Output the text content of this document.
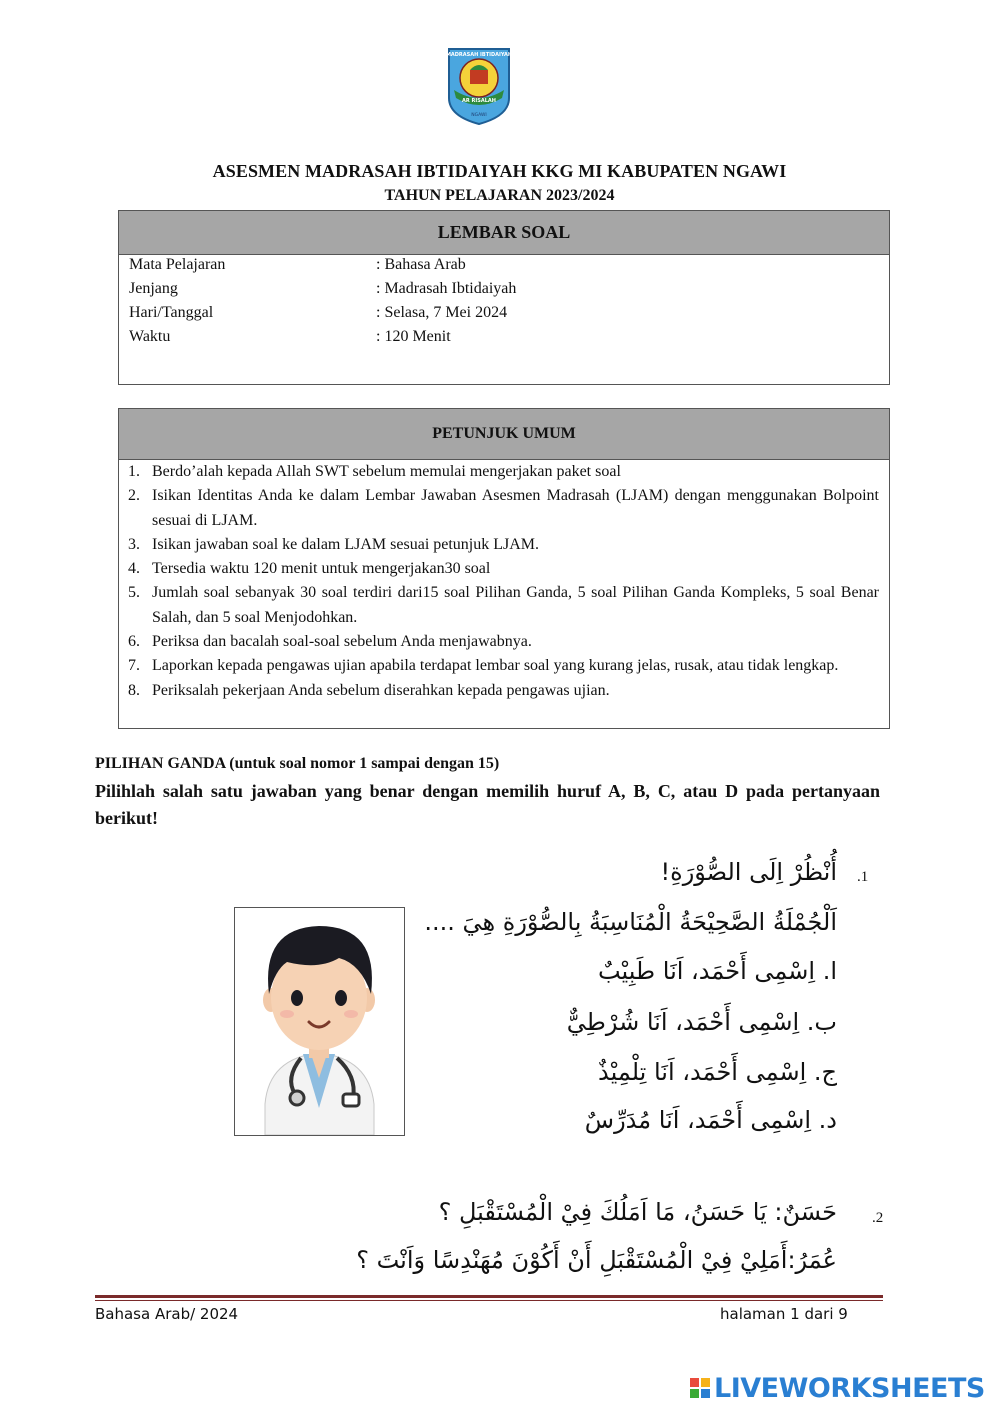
MADRASAH IBTIDAIYAH
AR RISALAH
NGAWI
ASESMEN MADRASAH IBTIDAIYAH KKG MI KABUPATEN NGAWI
TAHUN PELAJARAN 2023/2024
LEMBAR SOAL
Mata Pelajaran	: Bahasa Arab
Jenjang	: Madrasah Ibtidaiyah
Hari/Tanggal	: Selasa, 7 Mei 2024
Waktu	: 120 Menit
PETUNJUK UMUM
1. Berdo’alah kepada Allah SWT sebelum memulai mengerjakan paket soal
2. Isikan Identitas Anda ke dalam Lembar Jawaban Asesmen Madrasah (LJAM) dengan menggunakan Bolpoint sesuai di LJAM.
3. Isikan jawaban soal ke dalam LJAM sesuai petunjuk LJAM.
4. Tersedia waktu 120 menit untuk mengerjakan30 soal
5. Jumlah soal sebanyak 30 soal terdiri dari15 soal Pilihan Ganda, 5 soal Pilihan Ganda Kompleks, 5 soal Benar Salah, dan 5 soal Menjodohkan.
6. Periksa dan bacalah soal-soal sebelum Anda menjawabnya.
7. Laporkan kepada pengawas ujian apabila terdapat lembar soal yang kurang jelas, rusak, atau tidak lengkap.
8. Periksalah pekerjaan Anda sebelum diserahkan kepada pengawas ujian.
PILIHAN GANDA (untuk soal nomor 1 sampai dengan 15)
Pilihlah salah satu jawaban yang benar dengan memilih huruf A, B, C, atau D pada pertanyaan berikut!
.1
أُنْظُرْ اِلَى الصُّوْرَةِ!
اَلْجُمْلَةُ الصَّحِيْحَةُ الْمُنَاسِبَةُ بِالصُّوْرَةِ هِيَ ....
ا. اِسْمِى أَحْمَد، اَنَا طَبِيْبٌ
ب. اِسْمِى أَحْمَد، اَنَا شُرْطِيٌّ
ج. اِسْمِى أَحْمَد، اَنَا تِلْمِيْذٌ
د. اِسْمِى أَحْمَد، اَنَا مُدَرِّسٌ
.2
حَسَنٌ: يَا حَسَنُ، مَا اَمَلُكَ فِيْ الْمُسْتَقْبَلِ ؟
عُمَرُ:أَمَلِيْ فِيْ الْمُسْتَقْبَلِ أَنْ أَكُوْنَ مُهَنْدِسًا وَاَنْتَ ؟
Bahasa Arab/ 2024	halaman 1 dari 9
LIVEWORKSHEETS
